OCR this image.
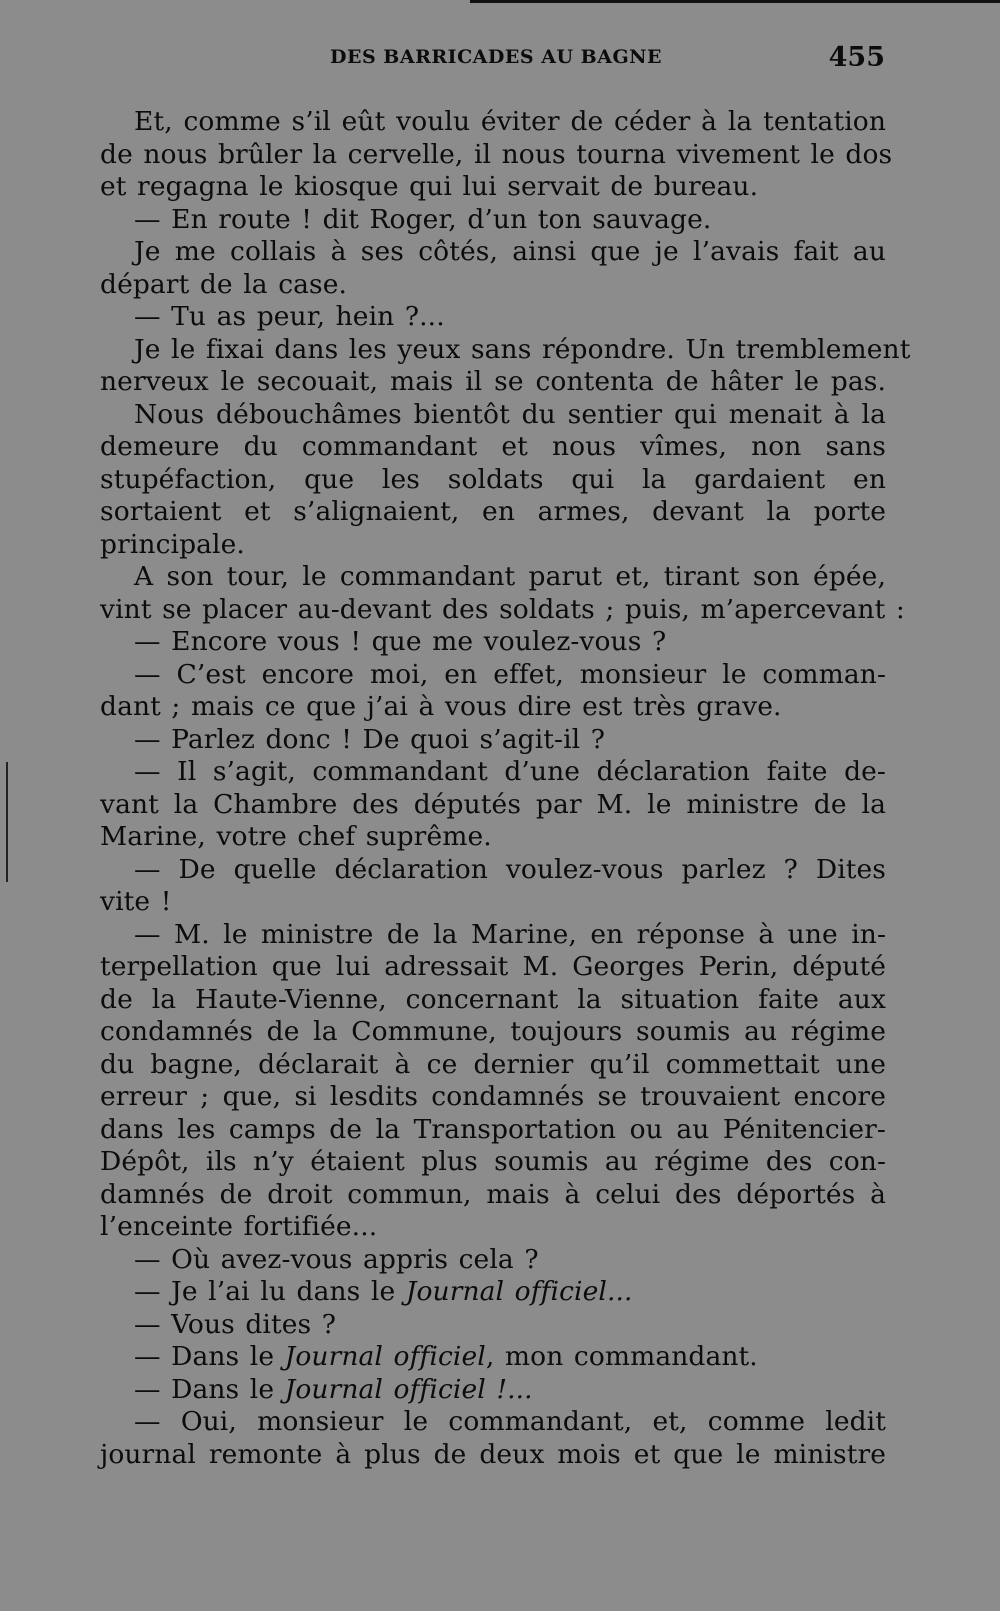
DES BARRICADES AU BAGNE	455
Et, comme s’il eût voulu éviter de céder à la tentation
de nous brûler la cervelle, il nous tourna vivement le dos
et regagna le kiosque qui lui servait de bureau.
— En route ! dit Roger, d’un ton sauvage.
Je me collais à ses côtés, ainsi que je l’avais fait au
départ de la case.
— Tu as peur, hein ?...
Je le fixai dans les yeux sans répondre. Un tremblement
nerveux le secouait, mais il se contenta de hâter le pas.
Nous débouchâmes bientôt du sentier qui menait à la
demeure du commandant et nous vîmes, non sans
stupéfaction, que les soldats qui la gardaient en
sortaient et s’alignaient, en armes, devant la porte
principale.
A son tour, le commandant parut et, tirant son épée,
vint se placer au-devant des soldats ; puis, m’apercevant :
— Encore vous ! que me voulez-vous ?
— C’est encore moi, en effet, monsieur le comman-
dant ; mais ce que j’ai à vous dire est très grave.
— Parlez donc ! De quoi s’agit-il ?
— Il s’agit, commandant d’une déclaration faite de-
vant la Chambre des députés par M. le ministre de la
Marine, votre chef suprême.
— De quelle déclaration voulez-vous parlez ? Dites
vite !
— M. le ministre de la Marine, en réponse à une in-
terpellation que lui adressait M. Georges Perin, député
de la Haute-Vienne, concernant la situation faite aux
condamnés de la Commune, toujours soumis au régime
du bagne, déclarait à ce dernier qu’il commettait une
erreur ; que, si lesdits condamnés se trouvaient encore
dans les camps de la Transportation ou au Pénitencier-
Dépôt, ils n’y étaient plus soumis au régime des con-
damnés de droit commun, mais à celui des déportés à
l’enceinte fortifiée...
— Où avez-vous appris cela ?
— Je l’ai lu dans le Journal officiel...
— Vous dites ?
— Dans le Journal officiel, mon commandant.
— Dans le Journal officiel !...
— Oui, monsieur le commandant, et, comme ledit
journal remonte à plus de deux mois et que le ministre
